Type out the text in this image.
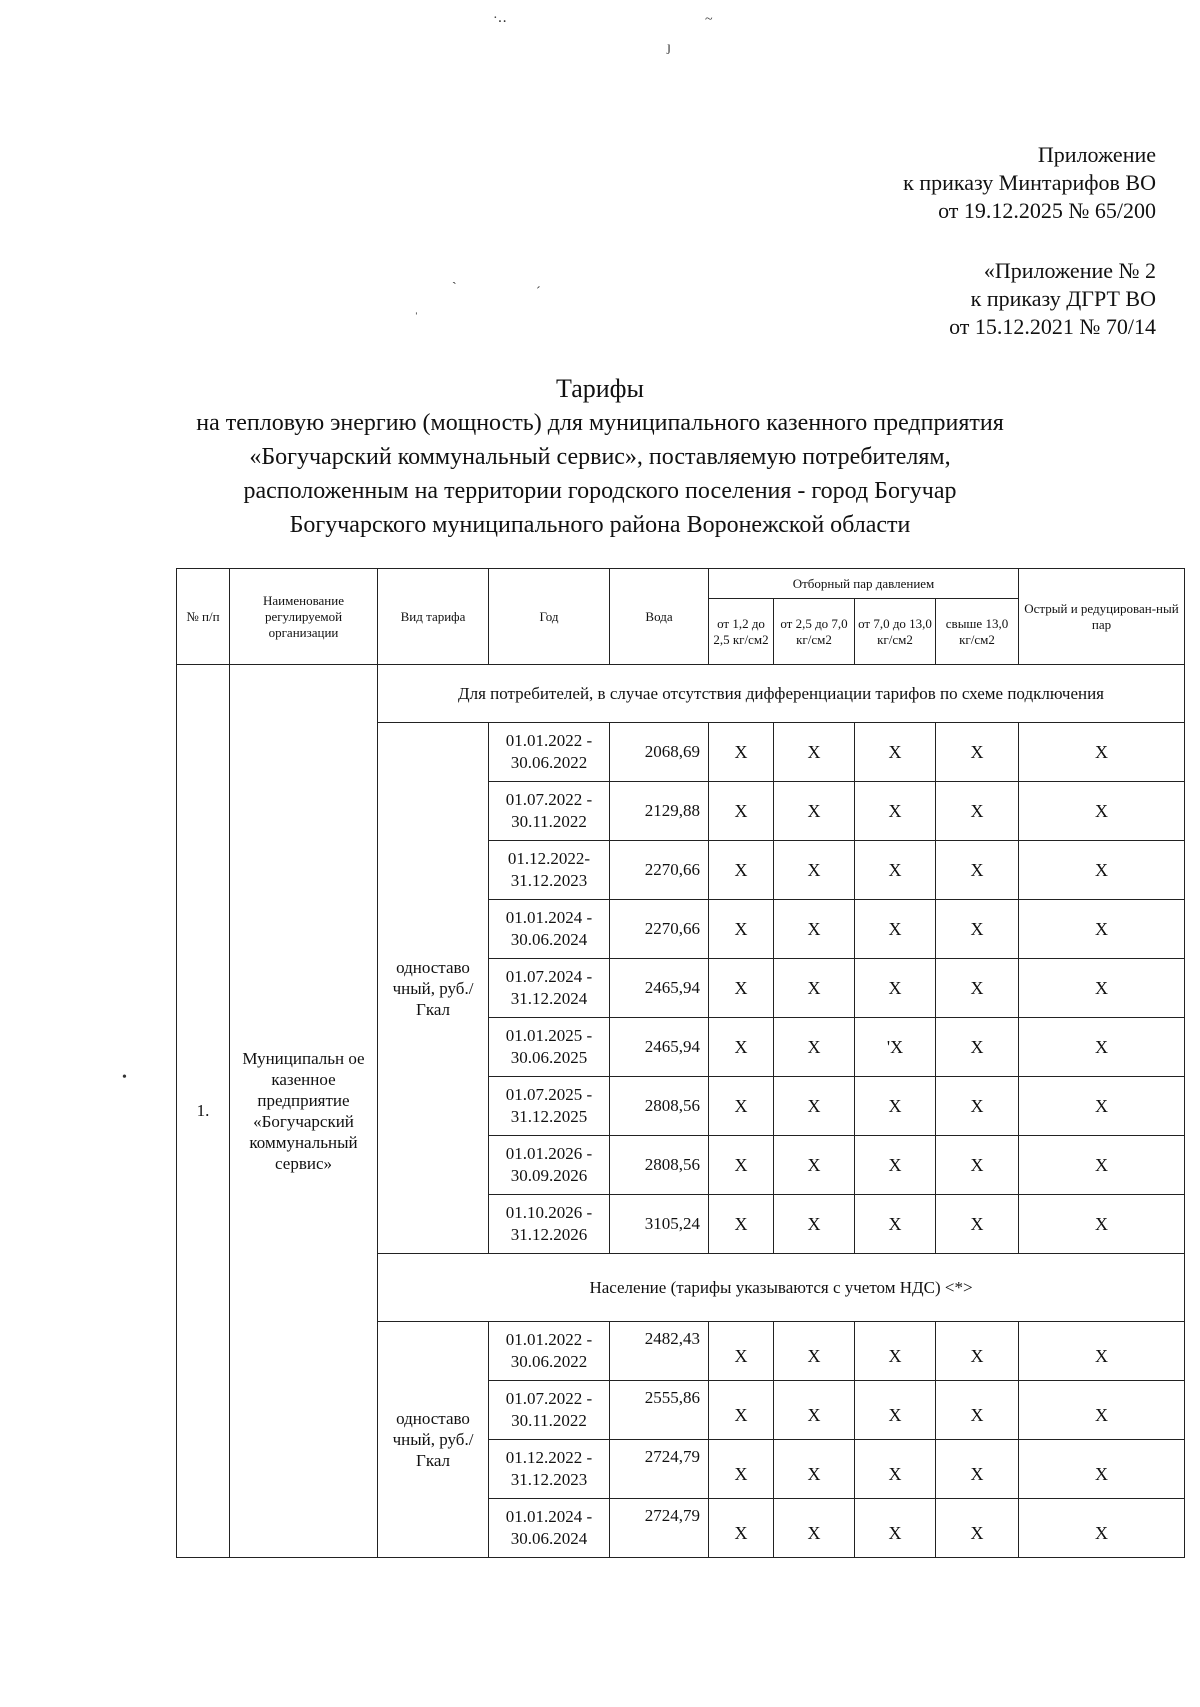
·‥	~
ȷ
ˏ
ˊ
ˈ
•
Приложение
к приказу Минтарифов ВО
от 19.12.2025 № 65/200
«Приложение № 2
к приказу ДГРТ ВО
от 15.12.2021 № 70/14
Тарифы
на тепловую энергию (мощность) для муниципального казенного предприятия
«Богучарский коммунальный сервис», поставляемую потребителям,
расположенным на территории городского поселения - город Богучар
Богучарского муниципального района Воронежской области
№ п/п	Наименование регулируемой организации	Вид тарифа	Год	Вода	Отборный пар давлением				Острый и редуцирован-ный пар
					от 1,2 до 2,5 кг/см2	от 2,5 до 7,0 кг/см2	от 7,0 до 13,0 кг/см2	свыше 13,0 кг/см2	
1.	Муниципальн ое казенное предприятие «Богучарский коммунальный сервис»	Для потребителей, в случае отсутствия дифференциации тарифов по схеме подключения							
		одноставо чный, руб./Гкал	01.01.2022 - 30.06.2022	2068,69	X	X	X	X	X
			01.07.2022 - 30.11.2022	2129,88	X	X	X	X	X
			01.12.2022- 31.12.2023	2270,66	X	X	X	X	X
			01.01.2024 - 30.06.2024	2270,66	X	X	X	X	X
			01.07.2024 - 31.12.2024	2465,94	X	X	X	X	X
			01.01.2025 - 30.06.2025	2465,94	X	X	'X	X	X
			01.07.2025 - 31.12.2025	2808,56	X	X	X	X	X
			01.01.2026 - 30.09.2026	2808,56	X	X	X	X	X
			01.10.2026 - 31.12.2026	3105,24	X	X	X	X	X
		Население (тарифы указываются с учетом НДС) <*>							
		одноставо чный, руб./Гкал	01.01.2022 - 30.06.2022	2482,43	X	X	X	X	X
			01.07.2022 - 30.11.2022	2555,86	X	X	X	X	X
			01.12.2022 - 31.12.2023	2724,79	X	X	X	X	X
			01.01.2024 - 30.06.2024	2724,79	X	X	X	X	X
